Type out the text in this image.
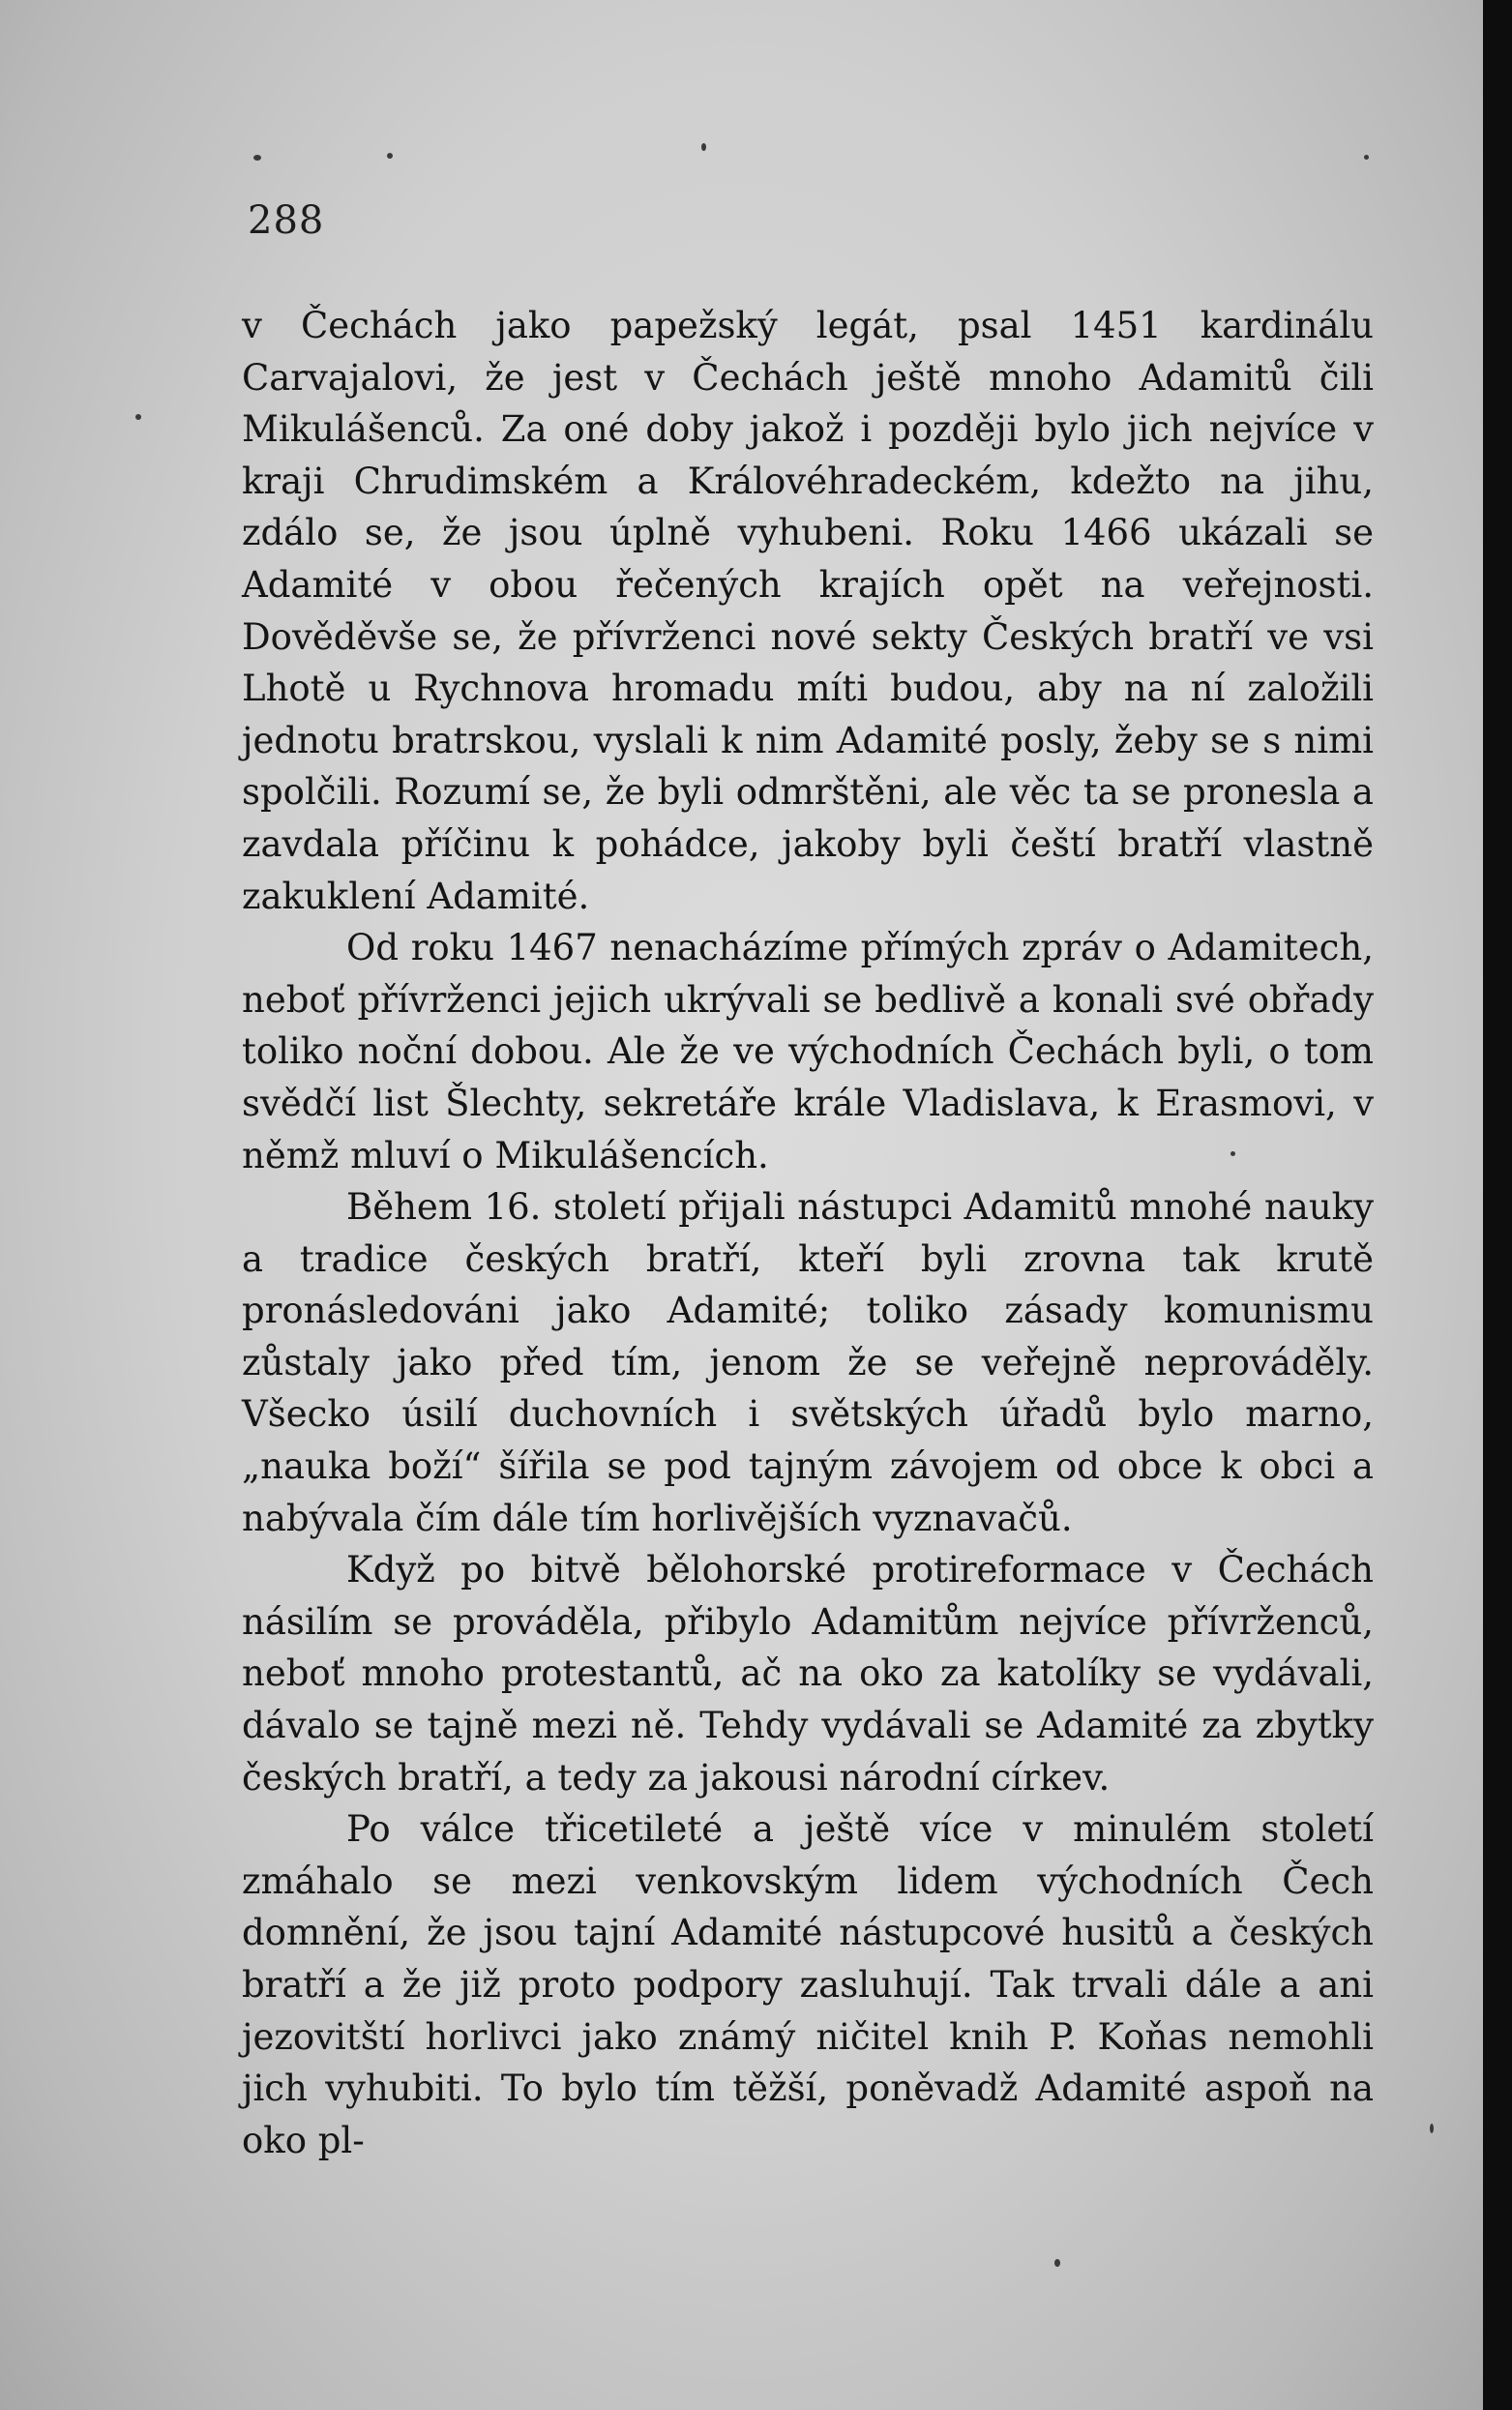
288

v Čechách jako papežský legát, psal 1451 kardinálu Carvajalovi, že jest v Čechách ještě mnoho Adamitů čili Mikulášenců. Za oné doby jakož i později bylo jich nejvíce v kraji Chrudimském a Královéhradeckém, kdežto na jihu, zdálo se, že jsou úplně vyhubeni. Roku 1466 ukázali se Adamité v obou řečených krajích opět na veřejnosti. Dověděvše se, že přívrženci nové sekty Českých bratří ve vsi Lhotě u Rychnova hromadu míti budou, aby na ní založili jednotu bratrskou, vyslali k nim Adamité posly, žeby se s nimi spolčili. Rozumí se, že byli odmrštěni, ale věc ta se pronesla a zavdala příčinu k pohádce, jakoby byli čeští bratří vlastně zakuklení Adamité.

Od roku 1467 nenacházíme přímých zpráv o Adamitech, neboť přívrženci jejich ukrývali se bedlivě a konali své obřady toliko noční dobou. Ale že ve východních Čechách byli, o tom svědčí list Šlechty, sekretáře krále Vladislava, k Erasmovi, v němž mluví o Mikulášencích.

Během 16. století přijali nástupci Adamitů mnohé nauky a tradice českých bratří, kteří byli zrovna tak krutě pronásledováni jako Adamité; toliko zásady komunismu zůstaly jako před tím, jenom že se veřejně neprováděly. Všecko úsilí duchovních i světských úřadů bylo marno, „nauka boží“ šířila se pod tajným závojem od obce k obci a nabývala čím dále tím horlivějších vyznavačů.

Když po bitvě bělohorské protireformace v Čechách násilím se prováděla, přibylo Adamitům nejvíce přívrženců, neboť mnoho protestantů, ač na oko za katolíky se vydávali, dávalo se tajně mezi ně. Tehdy vydávali se Adamité za zbytky českých bratří, a tedy za jakousi národní církev.

Po válce třicetileté a ještě více v minulém století zmáhalo se mezi venkovským lidem východních Čech domnění, že jsou tajní Adamité nástupcové husitů a českých bratří a že již proto podpory zasluhují. Tak trvali dále a ani jezovitští horlivci jako známý ničitel knih P. Koňas nemohli jich vyhubiti. To bylo tím těžší, poněvadž Adamité aspoň na oko pl-
